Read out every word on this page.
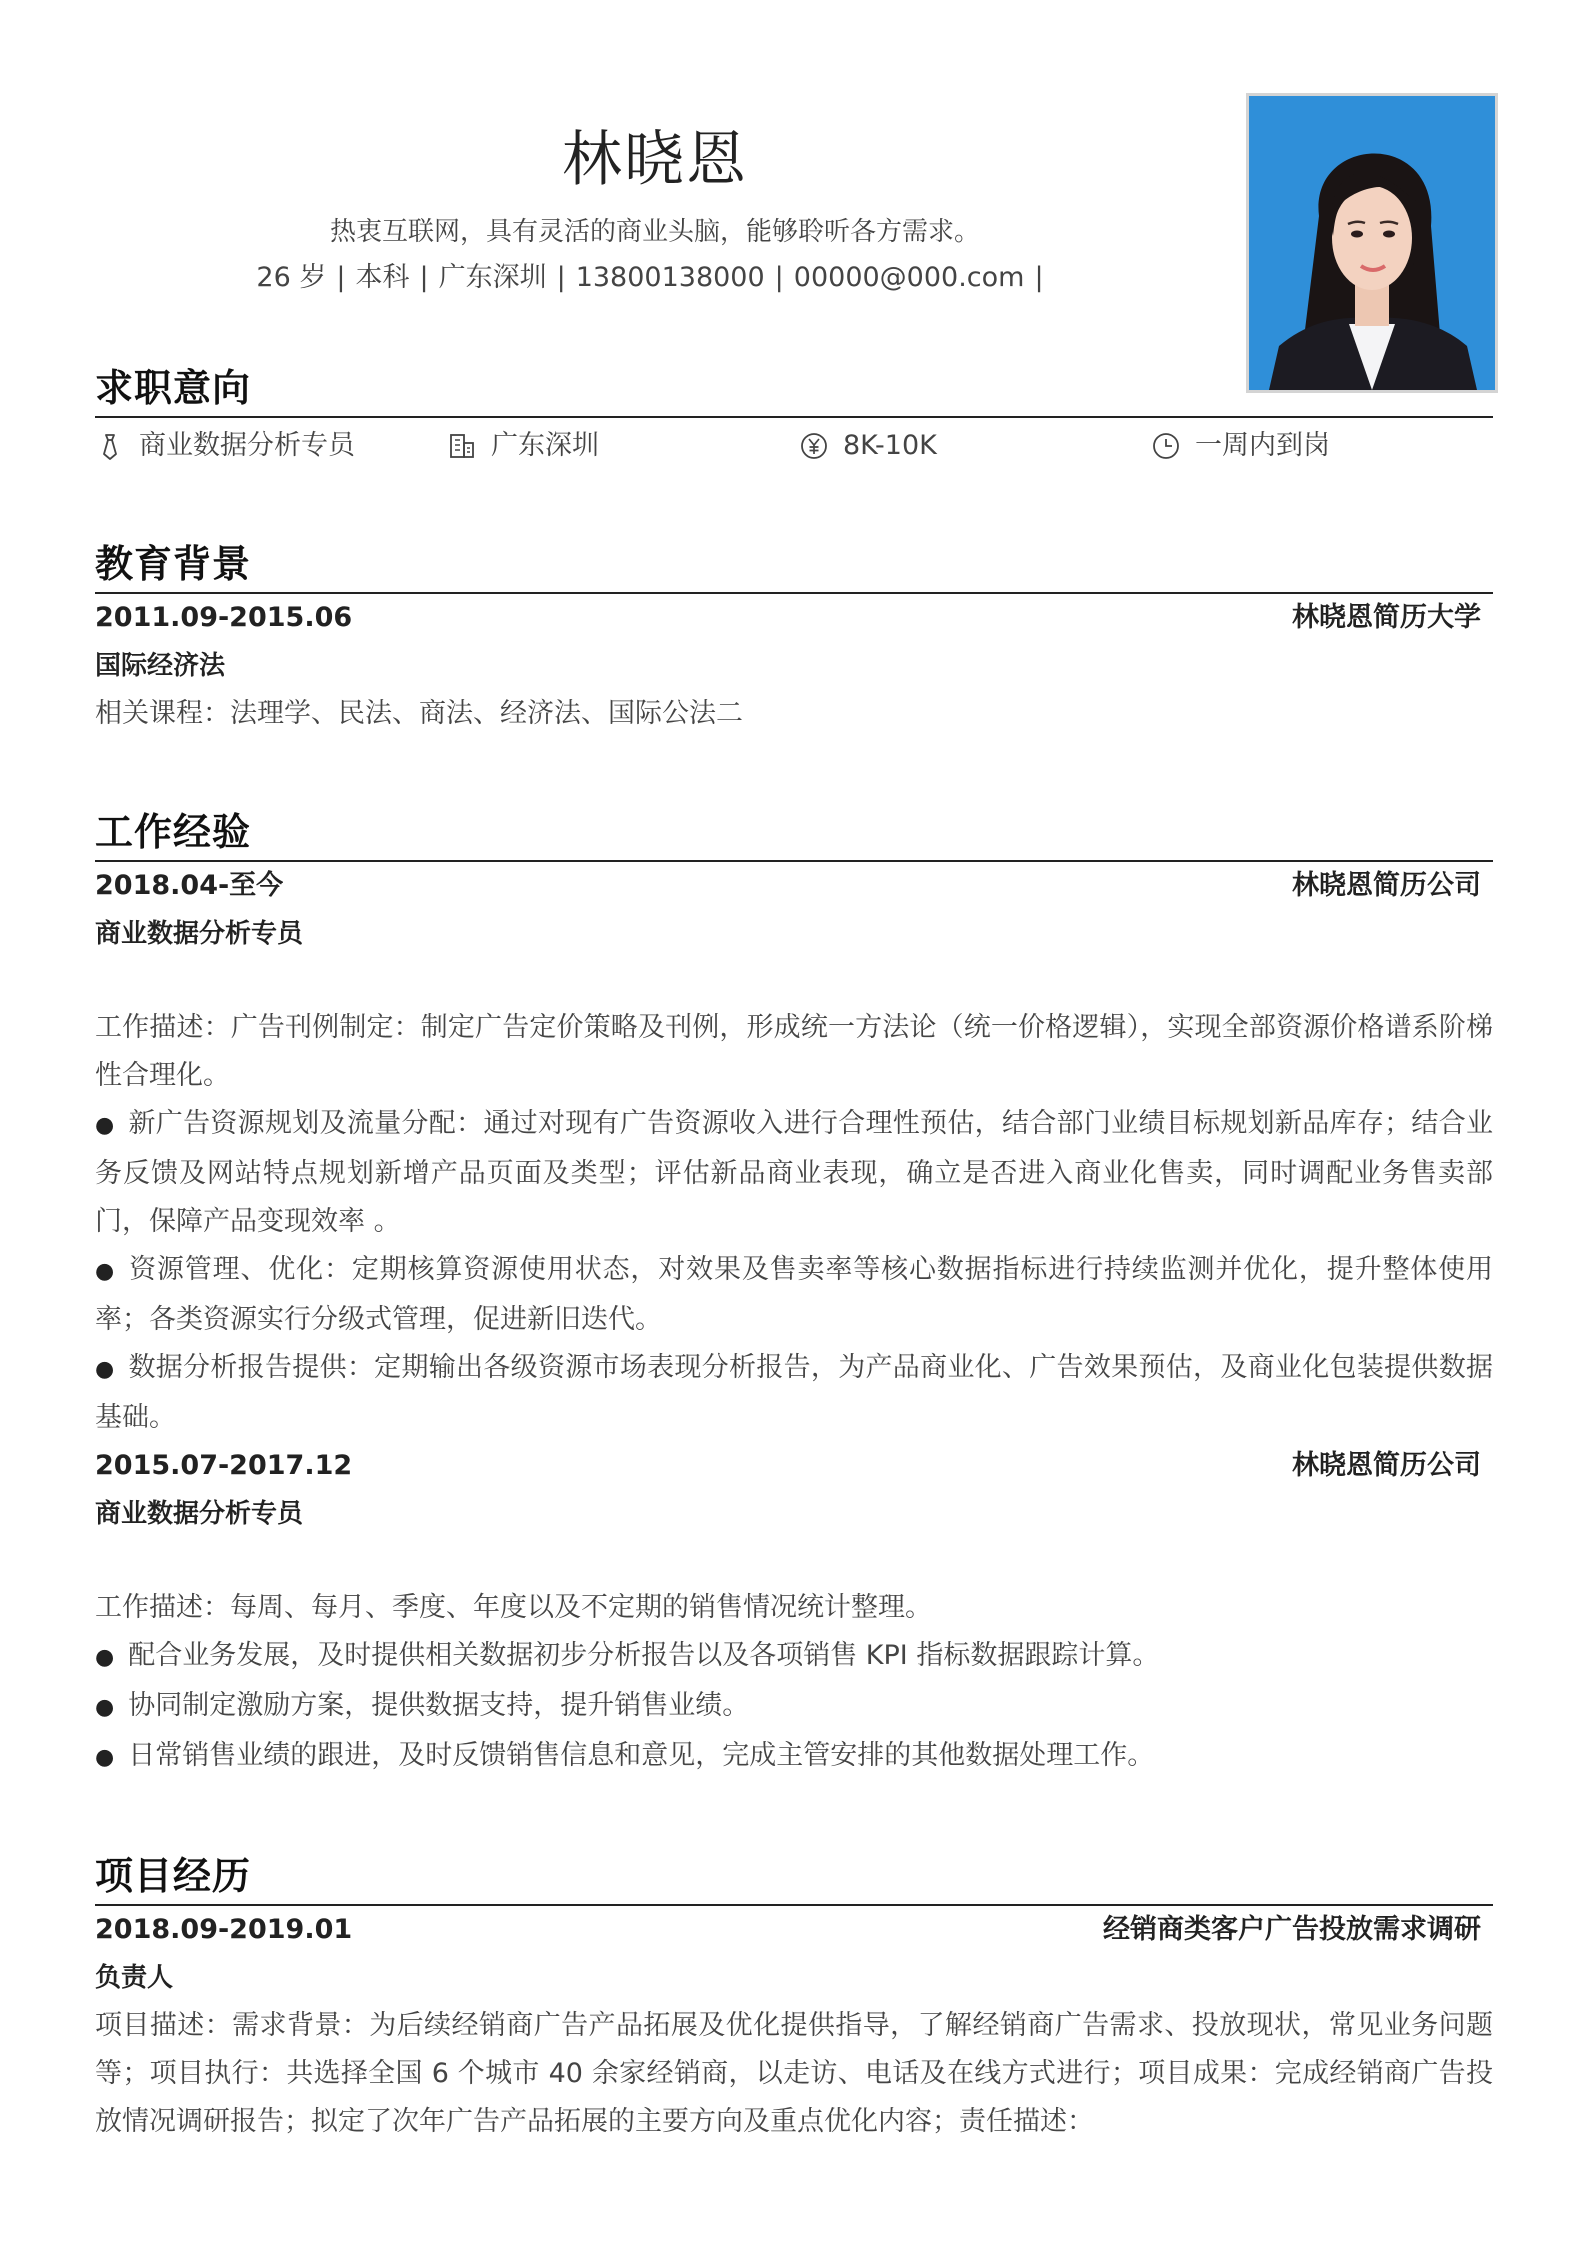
林晓恩
热衷互联网，具有灵活的商业头脑，能够聆听各方需求。
26 岁 | 本科 | 广东深圳 | 13800138000 | 00000@000.com |
求职意向
商业数据分析专员	广东深圳	8K-10K	一周内到岗
教育背景
2011.09-2015.06	林晓恩简历大学
国际经济法
相关课程：法理学、民法、商法、经济法、国际公法二
工作经验
2018.04-至今	林晓恩简历公司
商业数据分析专员
工作描述：广告刊例制定：制定广告定价策略及刊例，形成统一方法论（统一价格逻辑），实现全部资源价格谱系阶梯性合理化。
● 新广告资源规划及流量分配：通过对现有广告资源收入进行合理性预估，结合部门业绩目标规划新品库存；结合业务反馈及网站特点规划新增产品页面及类型；评估新品商业表现，确立是否进入商业化售卖，同时调配业务售卖部门，保障产品变现效率 。
● 资源管理、优化：定期核算资源使用状态，对效果及售卖率等核心数据指标进行持续监测并优化，提升整体使用率；各类资源实行分级式管理，促进新旧迭代。
● 数据分析报告提供：定期输出各级资源市场表现分析报告，为产品商业化、广告效果预估，及商业化包装提供数据基础。
2015.07-2017.12	林晓恩简历公司
商业数据分析专员
工作描述：每周、每月、季度、年度以及不定期的销售情况统计整理。
● 配合业务发展，及时提供相关数据初步分析报告以及各项销售 KPI 指标数据跟踪计算。
● 协同制定激励方案，提供数据支持，提升销售业绩。
● 日常销售业绩的跟进，及时反馈销售信息和意见，完成主管安排的其他数据处理工作。
项目经历
2018.09-2019.01	经销商类客户广告投放需求调研
负责人
项目描述：需求背景：为后续经销商广告产品拓展及优化提供指导，了解经销商广告需求、投放现状，常见业务问题等；项目执行：共选择全国 6 个城市 40 余家经销商，以走访、电话及在线方式进行；项目成果：完成经销商广告投放情况调研报告；拟定了次年广告产品拓展的主要方向及重点优化内容；责任描述：
